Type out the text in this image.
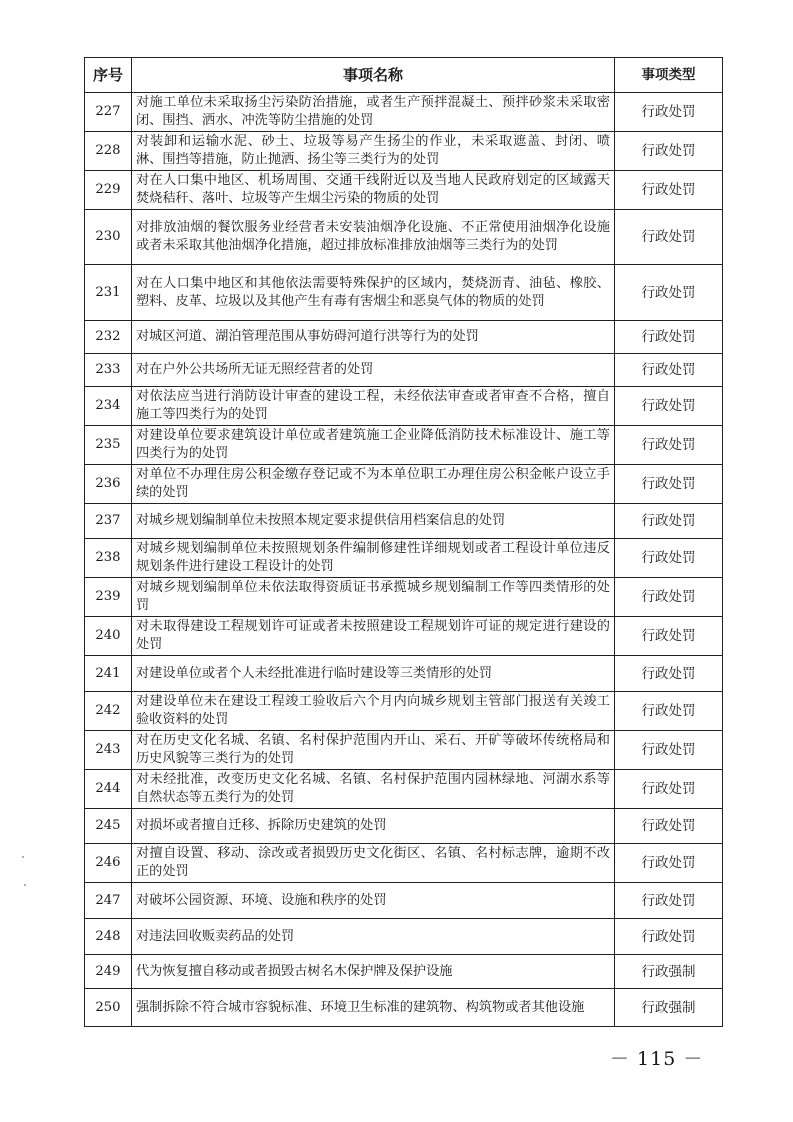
序号	事项名称	事项类型
227	对施工单位未采取扬尘污染防治措施，或者生产预拌混凝土、预拌砂浆未采取密闭、围挡、洒水、冲洗等防尘措施的处罚	行政处罚
228	对装卸和运输水泥、砂土、垃圾等易产生扬尘的作业，未采取遮盖、封闭、喷淋、围挡等措施，防止抛洒、扬尘等三类行为的处罚	行政处罚
229	对在人口集中地区、机场周围、交通干线附近以及当地人民政府划定的区域露天焚烧秸秆、落叶、垃圾等产生烟尘污染的物质的处罚	行政处罚
230	对排放油烟的餐饮服务业经营者未安装油烟净化设施、不正常使用油烟净化设施或者未采取其他油烟净化措施，超过排放标准排放油烟等三类行为的处罚	行政处罚
231	对在人口集中地区和其他依法需要特殊保护的区域内，焚烧沥青、油毡、橡胶、塑料、皮革、垃圾以及其他产生有毒有害烟尘和恶臭气体的物质的处罚	行政处罚
232	对城区河道、湖泊管理范围从事妨碍河道行洪等行为的处罚	行政处罚
233	对在户外公共场所无证无照经营者的处罚	行政处罚
234	对依法应当进行消防设计审查的建设工程，未经依法审查或者审查不合格，擅自施工等四类行为的处罚	行政处罚
235	对建设单位要求建筑设计单位或者建筑施工企业降低消防技术标准设计、施工等四类行为的处罚	行政处罚
236	对单位不办理住房公积金缴存登记或不为本单位职工办理住房公积金帐户设立手续的处罚	行政处罚
237	对城乡规划编制单位未按照本规定要求提供信用档案信息的处罚	行政处罚
238	对城乡规划编制单位未按照规划条件编制修建性详细规划或者工程设计单位违反规划条件进行建设工程设计的处罚	行政处罚
239	对城乡规划编制单位未依法取得资质证书承揽城乡规划编制工作等四类情形的处罚	行政处罚
240	对未取得建设工程规划许可证或者未按照建设工程规划许可证的规定进行建设的处罚	行政处罚
241	对建设单位或者个人未经批准进行临时建设等三类情形的处罚	行政处罚
242	对建设单位未在建设工程竣工验收后六个月内向城乡规划主管部门报送有关竣工验收资料的处罚	行政处罚
243	对在历史文化名城、名镇、名村保护范围内开山、采石、开矿等破坏传统格局和历史风貌等三类行为的处罚	行政处罚
244	对未经批准，改变历史文化名城、名镇、名村保护范围内园林绿地、河湖水系等自然状态等五类行为的处罚	行政处罚
245	对损坏或者擅自迁移、拆除历史建筑的处罚	行政处罚
246	对擅自设置、移动、涂改或者损毁历史文化街区、名镇、名村标志牌，逾期不改正的处罚	行政处罚
247	对破坏公园资源、环境、设施和秩序的处罚	行政处罚
248	对违法回收贩卖药品的处罚	行政处罚
249	代为恢复擅自移动或者损毁古树名木保护牌及保护设施	行政强制
250	强制拆除不符合城市容貌标准、环境卫生标准的建筑物、构筑物或者其他设施	行政强制
－ 115 －
